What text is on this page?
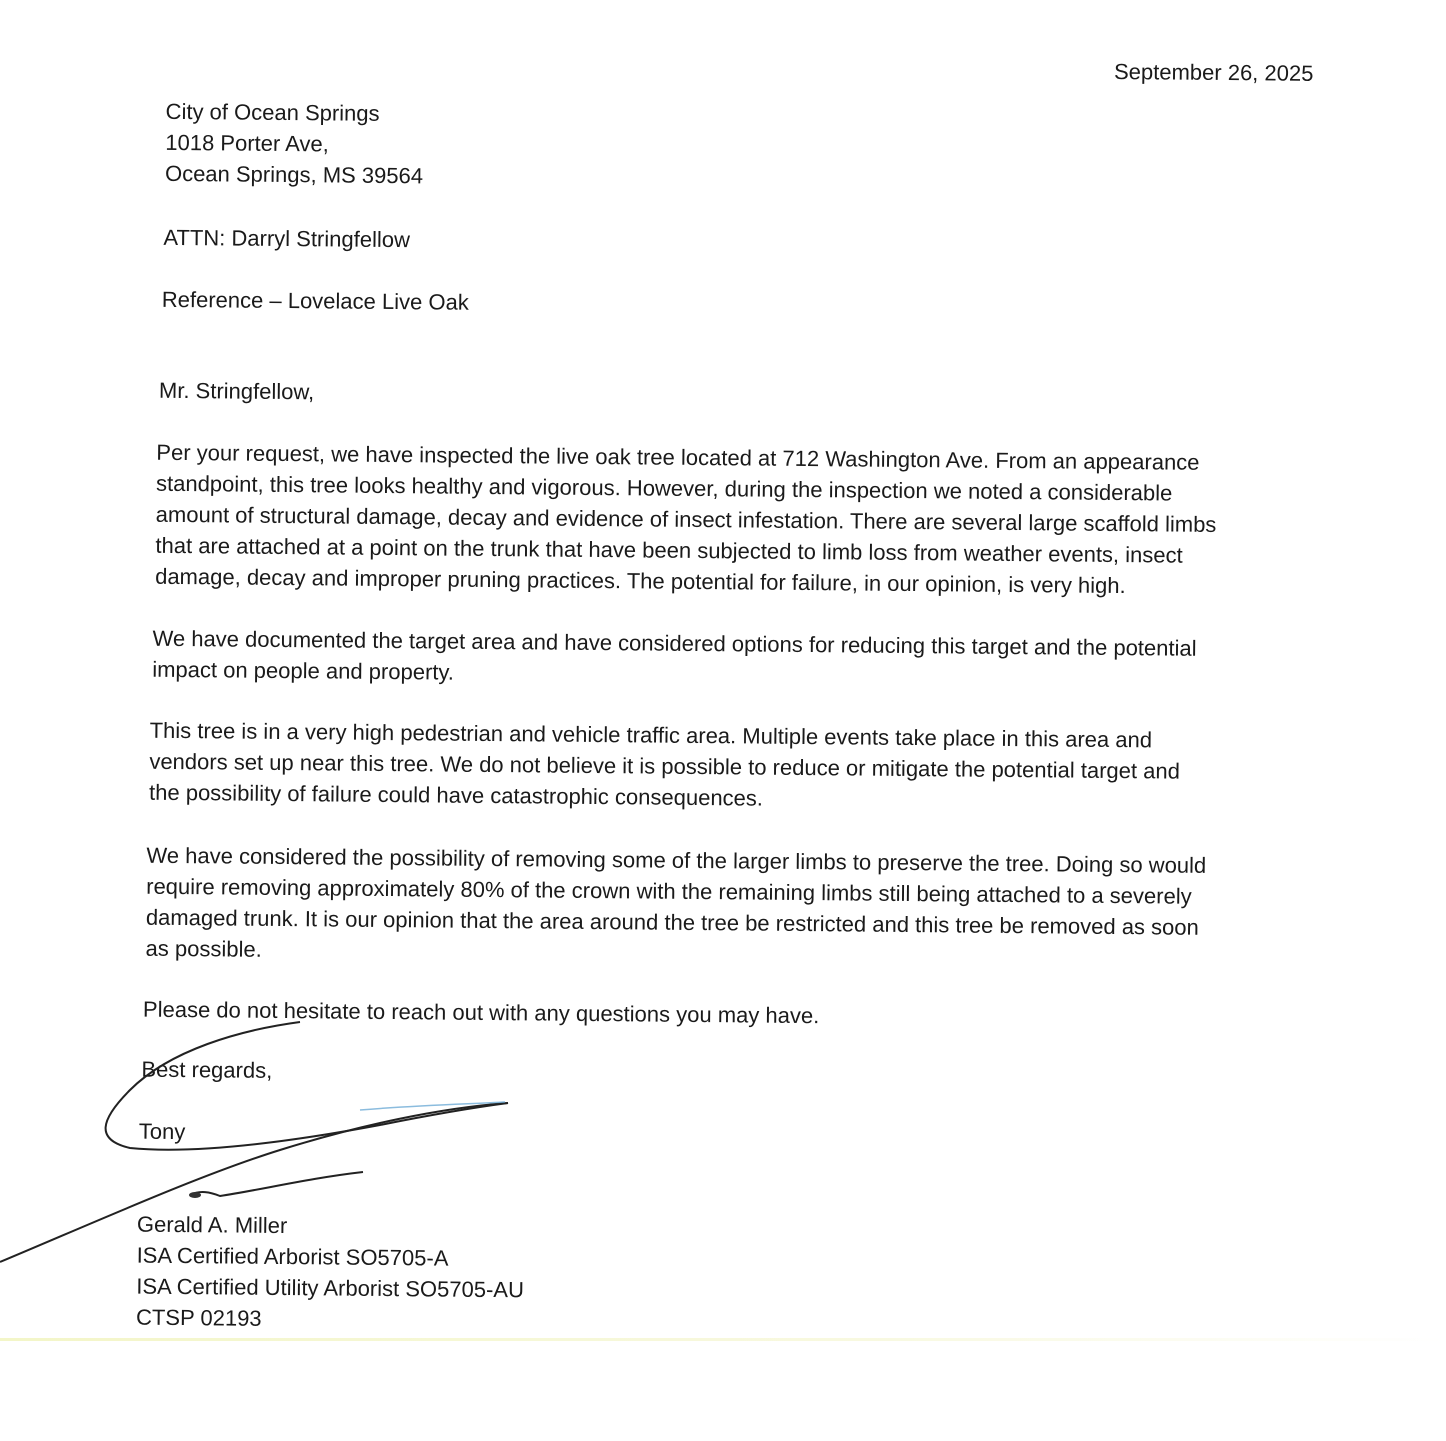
September 26, 2025
City of Ocean Springs
1018 Porter Ave,
Ocean Springs, MS 39564
ATTN: Darryl Stringfellow
Reference – Lovelace Live Oak
Mr. Stringfellow,
Per your request, we have inspected the live oak tree located at 712 Washington Ave. From an appearance
standpoint, this tree looks healthy and vigorous. However, during the inspection we noted a considerable
amount of structural damage, decay and evidence of insect infestation. There are several large scaffold limbs
that are attached at a point on the trunk that have been subjected to limb loss from weather events, insect
damage, decay and improper pruning practices. The potential for failure, in our opinion, is very high.
We have documented the target area and have considered options for reducing this target and the potential
impact on people and property.
This tree is in a very high pedestrian and vehicle traffic area. Multiple events take place in this area and
vendors set up near this tree. We do not believe it is possible to reduce or mitigate the potential target and
the possibility of failure could have catastrophic consequences.
We have considered the possibility of removing some of the larger limbs to preserve the tree. Doing so would
require removing approximately 80% of the crown with the remaining limbs still being attached to a severely
damaged trunk. It is our opinion that the area around the tree be restricted and this tree be removed as soon
as possible.
Please do not hesitate to reach out with any questions you may have.
Best regards,
Tony
Gerald A. Miller
ISA Certified Arborist SO5705-A
ISA Certified Utility Arborist SO5705-AU
CTSP 02193
